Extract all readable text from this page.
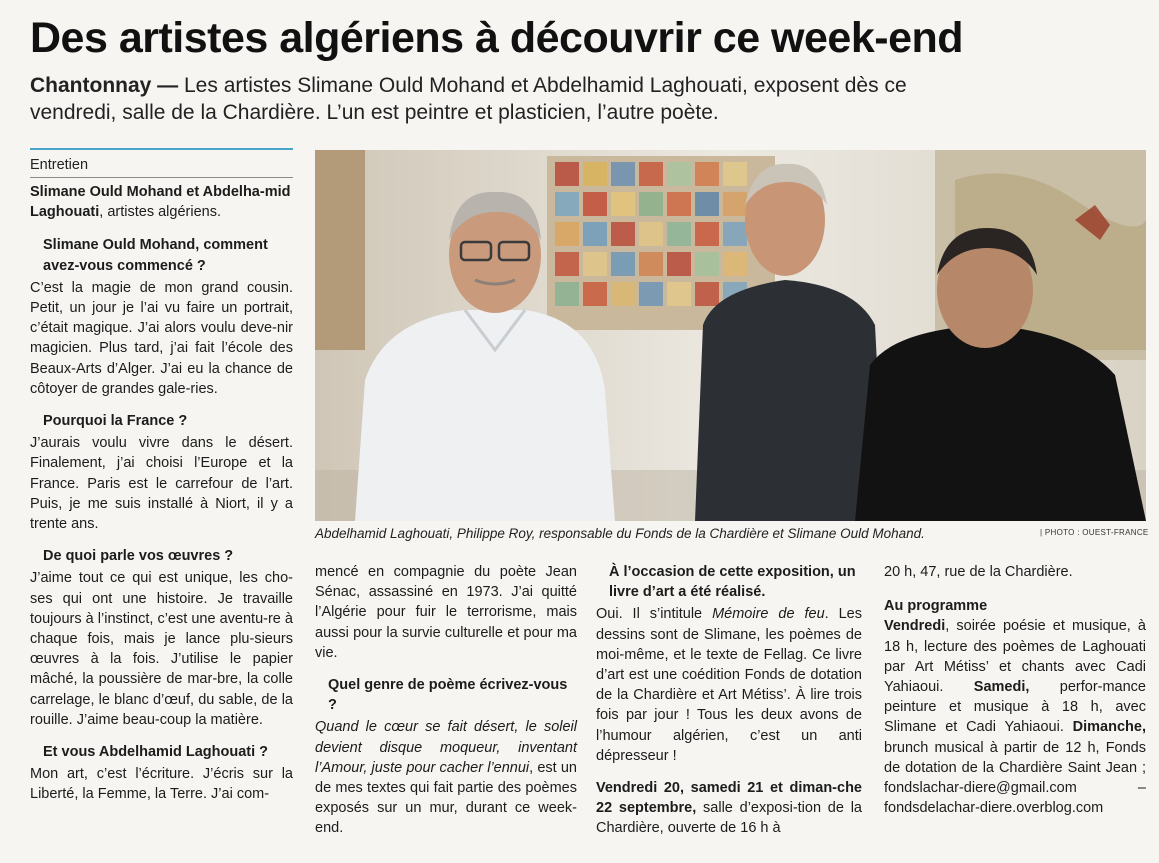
Des artistes algériens à découvrir ce week-end
Chantonnay — Les artistes Slimane Ould Mohand et Abdelhamid Laghouati, exposent dès ce vendredi, salle de la Chardière. L’un est peintre et plasticien, l’autre poète.
Entretien

Slimane Ould Mohand et Abdelha-mid Laghouati, artistes algériens.

Slimane Ould Mohand, comment avez-vous commencé ?

C’est la magie de mon grand cousin. Petit, un jour je l’ai vu faire un portrait, c’était magique. J’ai alors voulu deve-nir magicien. Plus tard, j’ai fait l’école des Beaux-Arts d’Alger. J’ai eu la chance de côtoyer de grandes gale-ries.

Pourquoi la France ?

J’aurais voulu vivre dans le désert. Finalement, j’ai choisi l’Europe et la France. Paris est le carrefour de l’art. Puis, je me suis installé à Niort, il y a trente ans.

De quoi parle vos œuvres ?

J’aime tout ce qui est unique, les cho-ses qui ont une histoire. Je travaille toujours à l’instinct, c’est une aventu-re à chaque fois, mais je lance plu-sieurs œuvres à la fois. J’utilise le papier mâché, la poussière de mar-bre, la colle carrelage, le blanc d’œuf, du sable, de la rouille. J’aime beau-coup la matière.

Et vous Abdelhamid Laghouati ?

Mon art, c’est l’écriture. J’écris sur la Liberté, la Femme, la Terre. J’ai com-

Abdelhamid Laghouati, Philippe Roy, responsable du Fonds de la Chardière et Slimane Ould Mohand.	| PHOTO : OUEST-FRANCE

mencé en compagnie du poète Jean Sénac, assassiné en 1973. J’ai quitté l’Algérie pour fuir le terrorisme, mais aussi pour la survie culturelle et pour ma vie.

Quel genre de poème écrivez-vous ?

Quand le cœur se fait désert, le soleil devient disque moqueur, inventant l’Amour, juste pour cacher l’ennui, est un de mes textes qui fait partie des poèmes exposés sur un mur, durant ce week-end.

À l’occasion de cette exposition, un livre d’art a été réalisé.

Oui. Il s’intitule Mémoire de feu. Les dessins sont de Slimane, les poèmes de moi-même, et le texte de Fellag. Ce livre d’art est une coédition Fonds de dotation de la Chardière et Art Métiss’. À lire trois fois par jour ! Tous les deux avons de l’humour algérien, c’est un anti dépresseur !

Vendredi 20, samedi 21 et diman-che 22 septembre, salle d’exposi-tion de la Chardière, ouverte de 16 h à

20 h, 47, rue de la Chardière.

Au programme

Vendredi, soirée poésie et musique, à 18 h, lecture des poèmes de Laghouati par Art Métiss’ et chants avec Cadi Yahiaoui. Samedi, perfor-mance peinture et musique à 18 h, avec Slimane et Cadi Yahiaoui. Dimanche, brunch musical à partir de 12 h, Fonds de dotation de la Chardière Saint Jean ; fondslachar-diere@gmail.com – fondsdelachar-diere.overblog.com
